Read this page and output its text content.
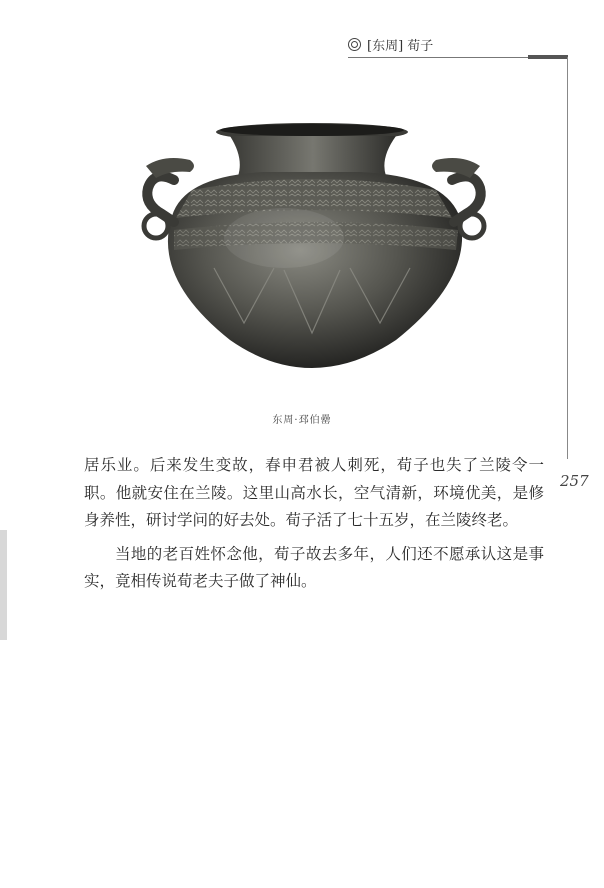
[东周] 荀子
257
东周·邳伯罍

居乐业。后来发生变故，春申君被人刺死，荀子也失了兰陵令一职。他就安住在兰陵。这里山高水长，空气清新，环境优美，是修身养性，研讨学问的好去处。荀子活了七十五岁，在兰陵终老。

当地的老百姓怀念他，荀子故去多年，人们还不愿承认这是事实，竟相传说荀老夫子做了神仙。
